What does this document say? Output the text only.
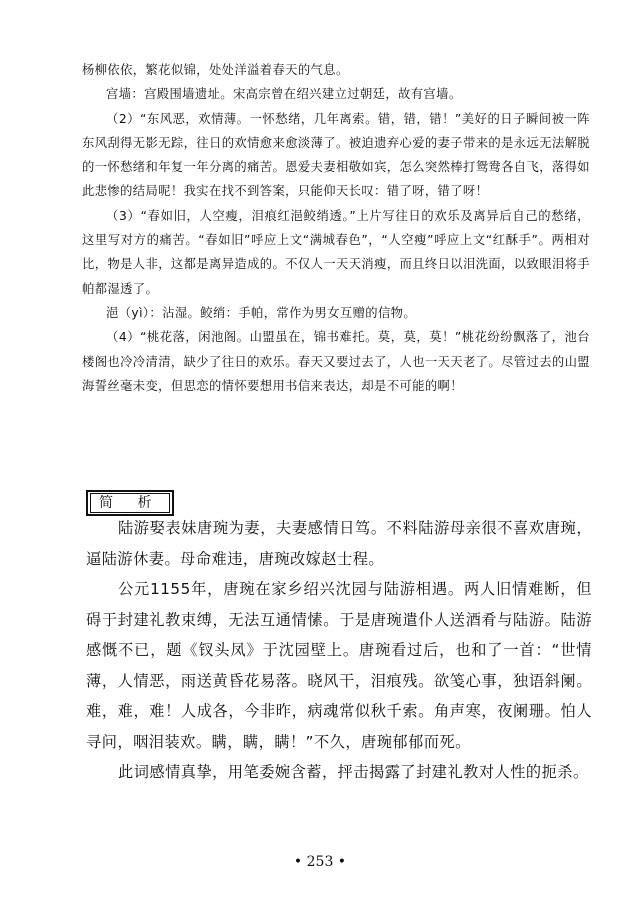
杨柳依依，繁花似锦，处处洋溢着春天的气息。

宫墙：宫殿围墙遗址。宋高宗曾在绍兴建立过朝廷，故有宫墙。

（2）“东风恶，欢情薄。一怀愁绪，几年离索。错，错，错！”美好的日子瞬间被一阵东风刮得无影无踪，往日的欢情愈来愈淡薄了。被迫遗弃心爱的妻子带来的是永远无法解脱的一怀愁绪和年复一年分离的痛苦。恩爱夫妻相敬如宾，怎么突然棒打鸳鸯各自飞，落得如此悲惨的结局呢！我实在找不到答案，只能仰天长叹：错了呀，错了呀！

（3）“春如旧，人空瘦，泪痕红浥鲛绡透。”上片写往日的欢乐及离异后自己的愁绪，这里写对方的痛苦。“春如旧”呼应上文“满城春色”，“人空瘦”呼应上文“红酥手”。两相对比，物是人非，这都是离异造成的。不仅人一天天消瘦，而且终日以泪洗面，以致眼泪将手帕都湿透了。

浥（yì）：沾湿。鲛绡：手帕，常作为男女互赠的信物。

（4）“桃花落，闲池阁。山盟虽在，锦书难托。莫，莫，莫！”桃花纷纷飘落了，池台楼阁也冷冷清清，缺少了往日的欢乐。春天又要过去了，人也一天天老了。尽管过去的山盟海誓丝毫未变，但思恋的情怀要想用书信来表达，却是不可能的啊！

简 析

陆游娶表妹唐琬为妻，夫妻感情日笃。不料陆游母亲很不喜欢唐琬，逼陆游休妻。母命难违，唐琬改嫁赵士程。

公元1155年，唐琬在家乡绍兴沈园与陆游相遇。两人旧情难断，但碍于封建礼教束缚，无法互通情愫。于是唐琬遣仆人送酒肴与陆游。陆游感慨不已，题《钗头凤》于沈园壁上。唐琬看过后，也和了一首：“世情薄，人情恶，雨送黄昏花易落。晓风干，泪痕残。欲笺心事，独语斜阑。难，难，难！人成各，今非昨，病魂常似秋千索。角声寒，夜阑珊。怕人寻问，咽泪装欢。瞒，瞒，瞒！”不久，唐琬郁郁而死。

此词感情真挚，用笔委婉含蓄，抨击揭露了封建礼教对人性的扼杀。

• 253 •
